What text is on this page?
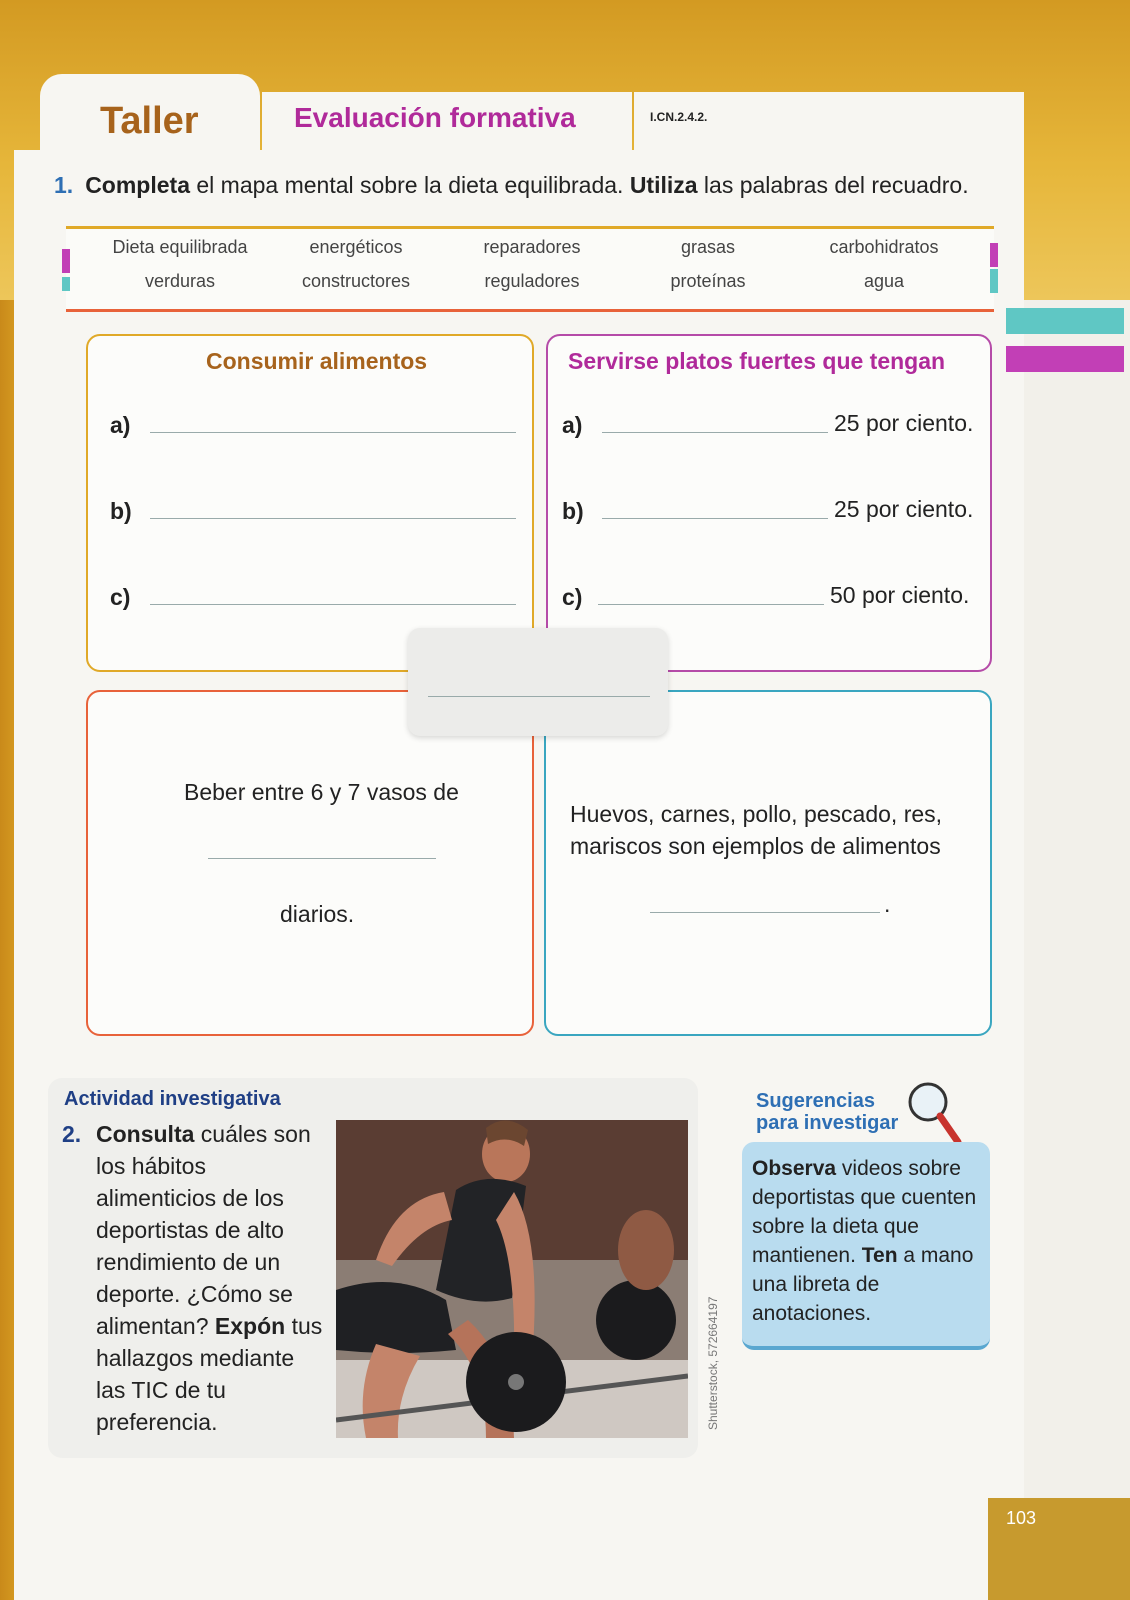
Taller	Evaluación formativa	I.CN.2.4.2.
1. Completa el mapa mental sobre la dieta equilibrada. Utiliza las palabras del recuadro.
Dieta equilibrada	energéticos	reparadores	grasas	carbohidratos
verduras	constructores	reguladores	proteínas	agua
Consumir alimentos
a)
b)
c)
Servirse platos fuertes que tengan
a)	25 por ciento.
b)	25 por ciento.
c)	50 por ciento.
Beber entre 6 y 7 vasos de
diarios.
Huevos, carnes, pollo, pescado, res,
mariscos son ejemplos de alimentos
.
Actividad investigativa
2. Consulta cuáles son los hábitos alimenticios de los deportistas de alto rendimiento de un deporte. ¿Cómo se alimentan? Expón tus hallazgos mediante las TIC de tu preferencia.	Shutterstock, 572664197
Sugerencias
para investigar
Observa videos sobre deportistas que cuenten sobre la dieta que mantienen. Ten a mano una libreta de anotaciones.
103
